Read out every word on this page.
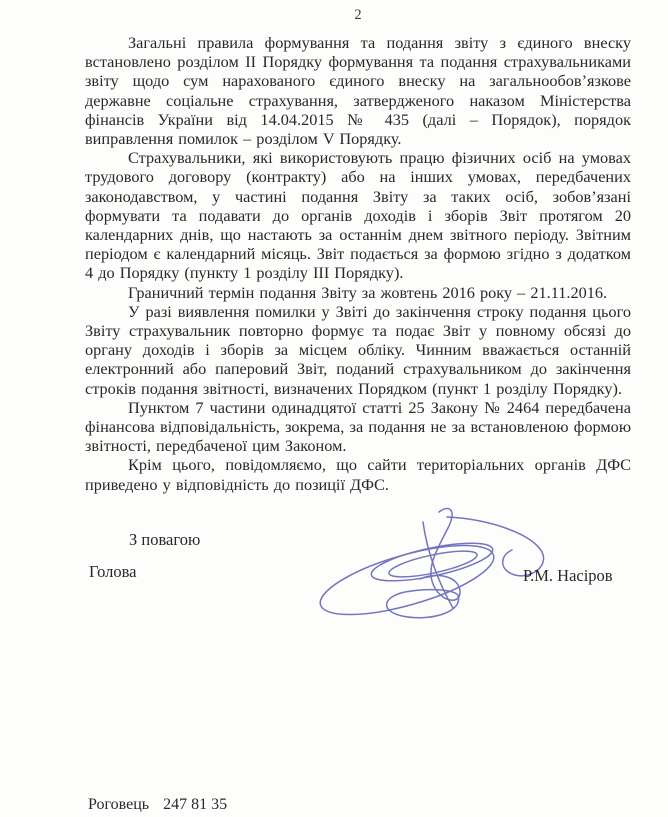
2

Загальні правила формування та подання звіту з єдиного внеску встановлено розділом II Порядку формування та подання страхувальниками звіту щодо сум нарахованого єдиного внеску на загальнообов’язкове державне соціальне страхування, затвердженого наказом Міністерства фінансів України від 14.04.2015 № 435 (далі – Порядок), порядок виправлення помилок – розділом V Порядку.

Страхувальники, які використовують працю фізичних осіб на умовах трудового договору (контракту) або на інших умовах, передбачених законодавством, у частині подання Звіту за таких осіб, зобов’язані формувати та подавати до органів доходів і зборів Звіт протягом 20 календарних днів, що настають за останнім днем звітного періоду. Звітним періодом є календарний місяць. Звіт подається за формою згідно з додатком 4 до Порядку (пункту 1 розділу III Порядку).

Граничний термін подання Звіту за жовтень 2016 року – 21.11.2016.

У разі виявлення помилки у Звіті до закінчення строку подання цього Звіту страхувальник повторно формує та подає Звіт у повному обсязі до органу доходів і зборів за місцем обліку. Чинним вважається останній електронний або паперовий Звіт, поданий страхувальником до закінчення строків подання звітності, визначених Порядком (пункт 1 розділу Порядку).

Пунктом 7 частини одинадцятої статті 25 Закону № 2464 передбачена фінансова відповідальність, зокрема, за подання не за встановленою формою звітності, передбаченої цим Законом.

Крім цього, повідомляємо, що сайти територіальних органів ДФС приведено у відповідність до позиції ДФС.

З повагою
Голова	Р.М. Насіров
Роговець 247 81 35
